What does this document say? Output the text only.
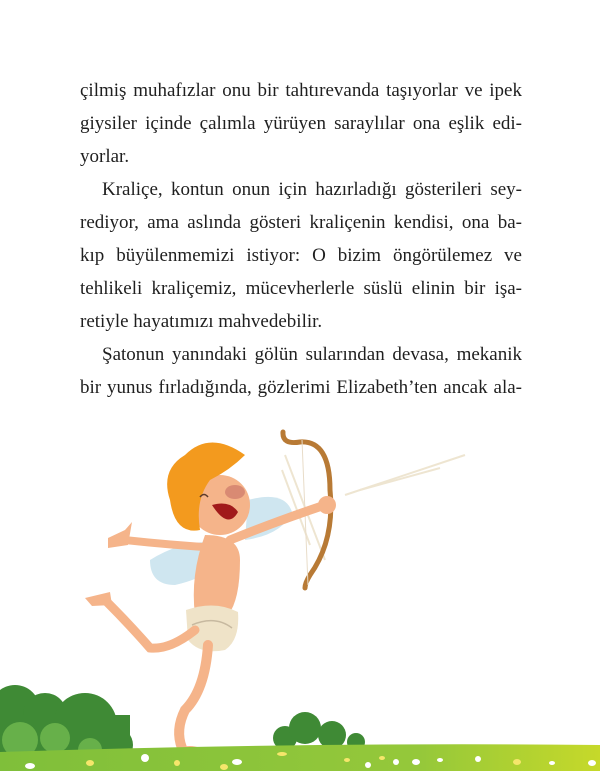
çilmiş muhafızlar onu bir tahtırevanda taşıyorlar ve ipek
giysiler içinde çalımla yürüyen saraylılar ona eşlik edi-
yorlar.

Kraliçe, kontun onun için hazırladığı gösterileri sey-
rediyor, ama aslında gösteri kraliçenin kendisi, ona ba-
kıp büyülenmemizi istiyor: O bizim öngörülemez ve
tehlikeli kraliçemiz, mücevherlerle süslü elinin bir işa-
retiyle hayatımızı mahvedebilir.

Şatonun yanındaki gölün sularından devasa, mekanik
bir yunus fırladığında, gözlerimi Elizabeth’ten ancak ala-
